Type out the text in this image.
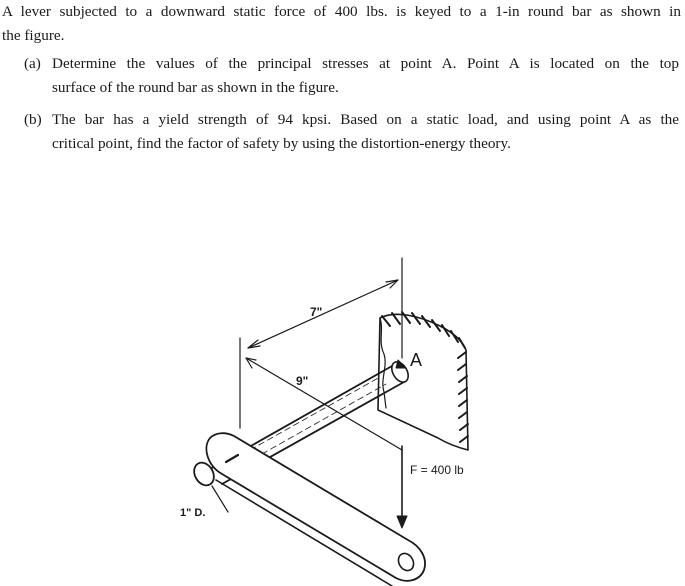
A lever subjected to a downward static force of 400 lbs. is keyed to a 1-in round bar as shown in
the figure.

(a) Determine the values of the principal stresses at point A. Point A is located on the top
surface of the round bar as shown in the figure.
(b) The bar has a yield strength of 94 kpsi. Based on a static load, and using point A as the
critical point, find the factor of safety by using the distortion-energy theory.
7"
9"
A
F = 400 lb
1" D.
